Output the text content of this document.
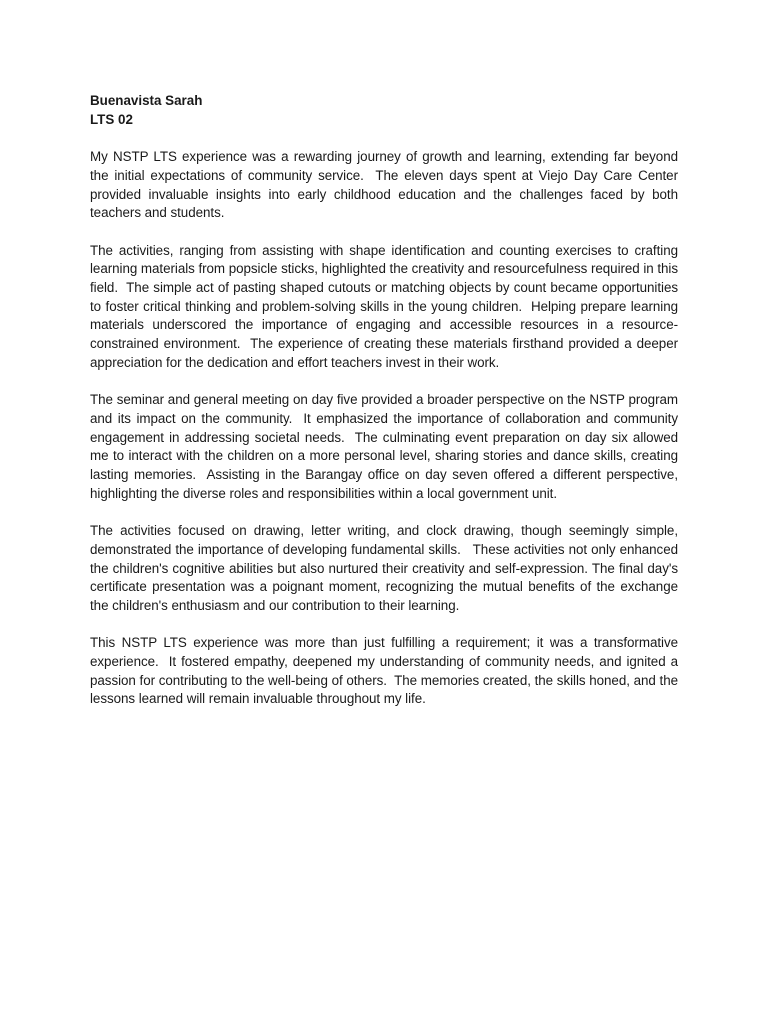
Buenavista Sarah

LTS 02

My NSTP LTS experience was a rewarding journey of growth and learning, extending far beyond the initial expectations of community service.  The eleven days spent at Viejo Day Care Center provided invaluable insights into early childhood education and the challenges faced by both teachers and students.

The activities, ranging from assisting with shape identification and counting exercises to crafting learning materials from popsicle sticks, highlighted the creativity and resourcefulness required in this field.  The simple act of pasting shaped cutouts or matching objects by count became opportunities to foster critical thinking and problem-solving skills in the young children.  Helping prepare learning materials underscored the importance of engaging and accessible resources in a resource-constrained environment.  The experience of creating these materials firsthand provided a deeper appreciation for the dedication and effort teachers invest in their work.

The seminar and general meeting on day five provided a broader perspective on the NSTP program and its impact on the community.  It emphasized the importance of collaboration and community engagement in addressing societal needs.  The culminating event preparation on day six allowed me to interact with the children on a more personal level, sharing stories and dance skills, creating lasting memories.  Assisting in the Barangay office on day seven offered a different perspective, highlighting the diverse roles and responsibilities within a local government unit.

The activities focused on drawing, letter writing, and clock drawing, though seemingly simple, demonstrated the importance of developing fundamental skills.   These activities not only enhanced the children's cognitive abilities but also nurtured their creativity and self-expression. The final day's certificate presentation was a poignant moment, recognizing the mutual benefits of the exchange the children's enthusiasm and our contribution to their learning.

This NSTP LTS experience was more than just fulfilling a requirement; it was a transformative experience.  It fostered empathy, deepened my understanding of community needs, and ignited a passion for contributing to the well-being of others.  The memories created, the skills honed, and the lessons learned will remain invaluable throughout my life.
